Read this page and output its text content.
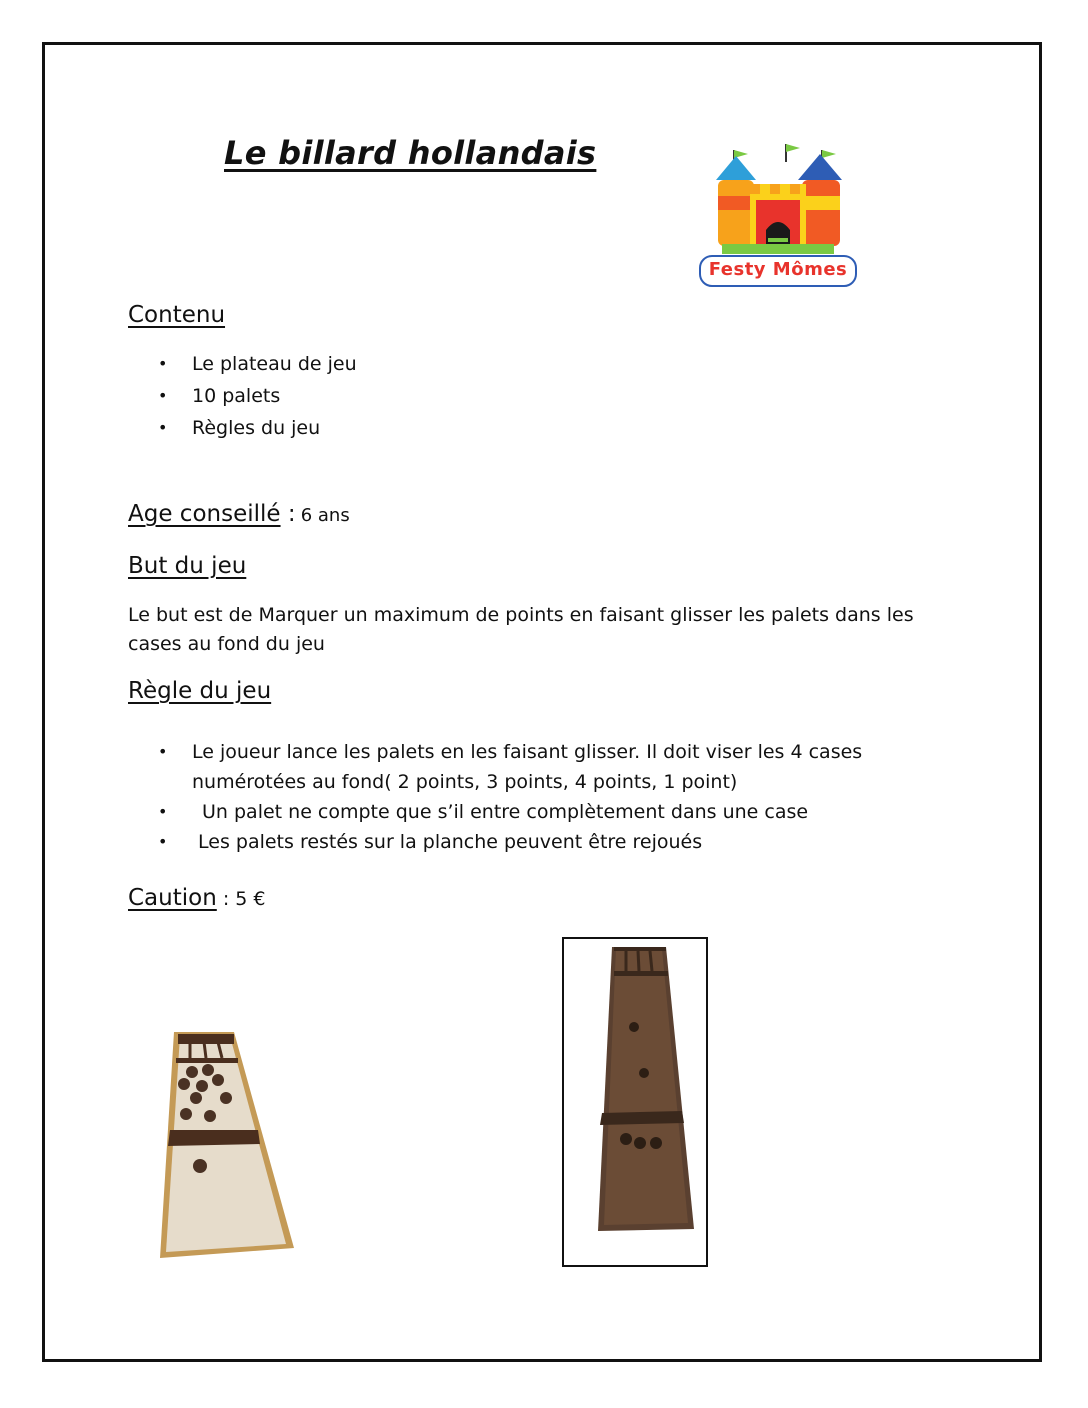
Le billard hollandais
Festy Mômes
Contenu
• Le plateau de jeu
• 10 palets
• Règles du jeu
Age conseillé : 6 ans
But du jeu
Le but est de Marquer un maximum de points en faisant glisser les palets dans les
cases au fond du jeu
Règle du jeu
• Le joueur lance les palets en les faisant glisser. Il doit viser les 4 cases
numérotées au fond( 2 points, 3 points, 4 points, 1 point)
• Un palet ne compte que s’il entre complètement dans une case
• Les palets restés sur la planche peuvent être rejoués
Caution : 5 €
